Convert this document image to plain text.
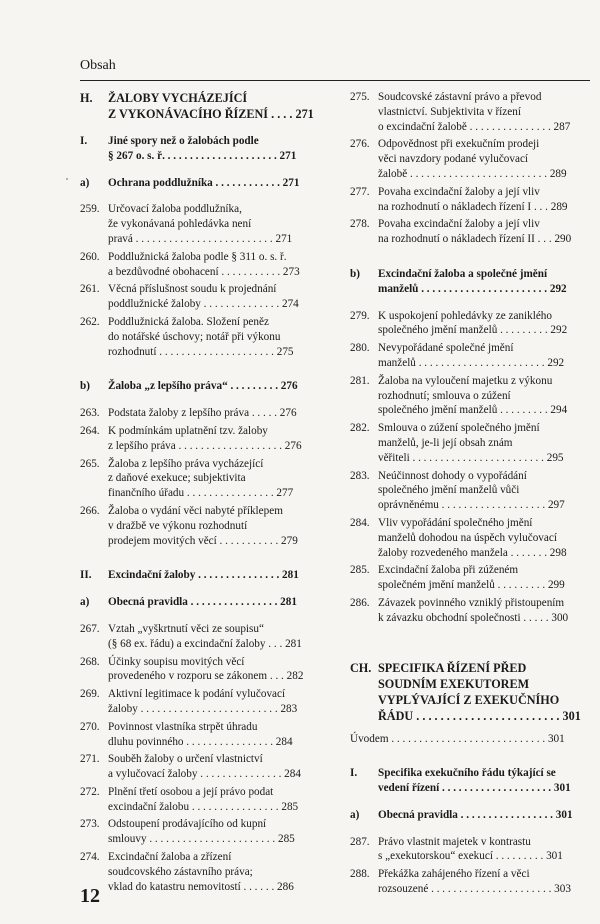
Obsah
H. ŽALOBY VYCHÁZEJÍCÍ
Z VYKONÁVACÍHO ŘÍZENÍ . . . . 271
I. Jiné spory než o žalobách podle
§ 267 o. s. ř. . . . . . . . . . . . . . . . . . . . . 271
a) Ochrana poddlužníka . . . . . . . . . . . . 271
259. Určovací žaloba poddlužníka,
že vykonávaná pohledávka není
pravá . . . . . . . . . . . . . . . . . . . . . . . . . 271
260. Poddlužnická žaloba podle § 311 o. s. ř.
a bezdůvodné obohacení . . . . . . . . . . . 273
261. Věcná příslušnost soudu k projednání
poddlužnické žaloby . . . . . . . . . . . . . . 274
262. Poddlužnická žaloba. Složení peněz
do notářské úschovy; notář při výkonu
rozhodnutí . . . . . . . . . . . . . . . . . . . . . 275
b) Žaloba „z lepšího práva“ . . . . . . . . . 276
263. Podstata žaloby z lepšího práva . . . . . 276
264. K podmínkám uplatnění tzv. žaloby
z lepšího práva . . . . . . . . . . . . . . . . . . . 276
265. Žaloba z lepšího práva vycházející
z daňové exekuce; subjektivita
finančního úřadu . . . . . . . . . . . . . . . . 277
266. Žaloba o vydání věci nabyté příklepem
v dražbě ve výkonu rozhodnutí
prodejem movitých věcí . . . . . . . . . . . 279
II. Excindační žaloby . . . . . . . . . . . . . . . 281
a) Obecná pravidla . . . . . . . . . . . . . . . . 281
267. Vztah „vyškrtnutí věci ze soupisu“
(§ 68 ex. řádu) a excindační žaloby . . . 281
268. Účinky soupisu movitých věcí
provedeného v rozporu se zákonem . . . 282
269. Aktivní legitimace k podání vylučovací
žaloby . . . . . . . . . . . . . . . . . . . . . . . . . 283
270. Povinnost vlastníka strpět úhradu
dluhu povinného . . . . . . . . . . . . . . . . 284
271. Souběh žaloby o určení vlastnictví
a vylučovací žaloby . . . . . . . . . . . . . . . 284
272. Plnění třetí osobou a její právo podat
excindační žalobu . . . . . . . . . . . . . . . . 285
273. Odstoupení prodávajícího od kupní
smlouvy . . . . . . . . . . . . . . . . . . . . . . . 285
274. Excindační žaloba a zřízení
soudcovského zástavního práva;
vklad do katastru nemovitostí . . . . . . 286
275. Soudcovské zástavní právo a převod
vlastnictví. Subjektivita v řízení
o excindační žalobě . . . . . . . . . . . . . . . 287
276. Odpovědnost při exekučním prodeji
věci navzdory podané vylučovací
žalobě . . . . . . . . . . . . . . . . . . . . . . . . . 289
277. Povaha excindační žaloby a její vliv
na rozhodnutí o nákladech řízení I . . . 289
278. Povaha excindační žaloby a její vliv
na rozhodnutí o nákladech řízení II . . . 290
b) Excindační žaloba a společné jmění
manželů . . . . . . . . . . . . . . . . . . . . . . . 292
279. K uspokojení pohledávky ze zaniklého
společného jmění manželů . . . . . . . . . 292
280. Nevypořádané společné jmění
manželů . . . . . . . . . . . . . . . . . . . . . . . 292
281. Žaloba na vyloučení majetku z výkonu
rozhodnutí; smlouva o zúžení
společného jmění manželů . . . . . . . . . 294
282. Smlouva o zúžení společného jmění
manželů, je-li její obsah znám
věřiteli . . . . . . . . . . . . . . . . . . . . . . . . 295
283. Neúčinnost dohody o vypořádání
společného jmění manželů vůči
oprávněnému . . . . . . . . . . . . . . . . . . . 297
284. Vliv vypořádání společného jmění
manželů dohodou na úspěch vylučovací
žaloby rozvedeného manžela . . . . . . . 298
285. Excindační žaloba při zúženém
společném jmění manželů . . . . . . . . . 299
286. Závazek povinného vzniklý přistoupením
k závazku obchodní společnosti . . . . . 300
CH. SPECIFIKA ŘÍZENÍ PŘED
SOUDNÍM EXEKUTOREM
VYPLÝVAJÍCÍ Z EXEKUČNÍHO
ŘÁDU . . . . . . . . . . . . . . . . . . . . . . . . 301
Úvodem . . . . . . . . . . . . . . . . . . . . . . . . . . . . 301
I. Specifika exekučního řádu týkající se
vedení řízení . . . . . . . . . . . . . . . . . . . . 301
a) Obecná pravidla . . . . . . . . . . . . . . . . . 301
287. Právo vlastnit majetek v kontrastu
s „exekutorskou“ exekucí . . . . . . . . . 301
288. Překážka zahájeného řízení a věci
rozsouzené . . . . . . . . . . . . . . . . . . . . . . 303
12
